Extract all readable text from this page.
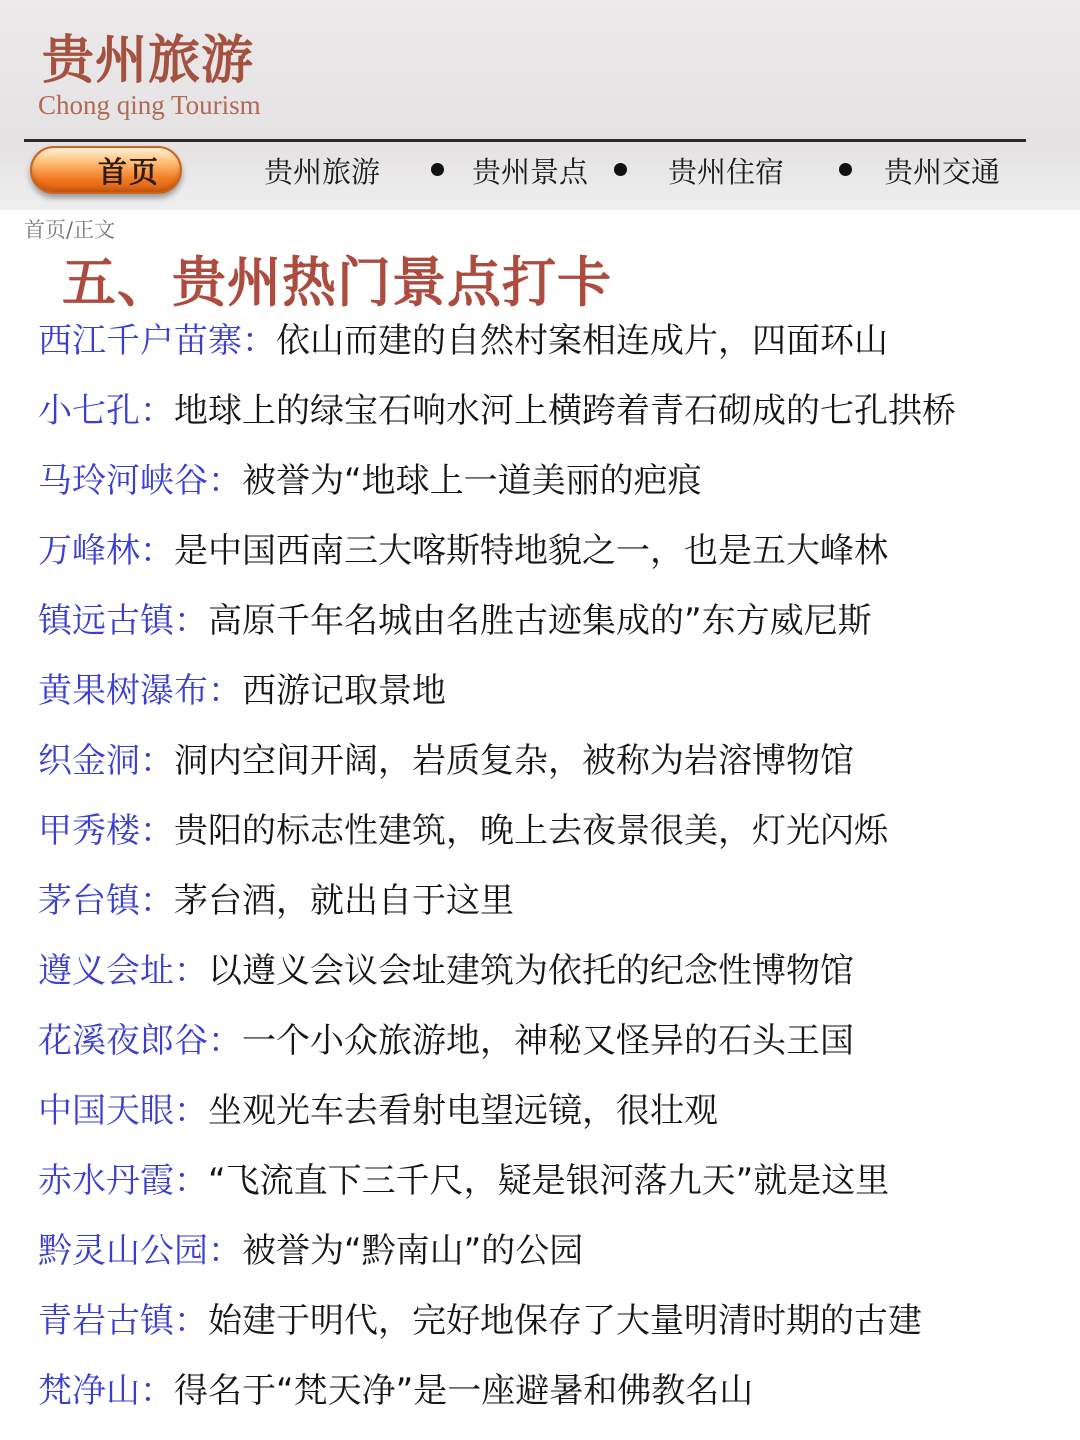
贵州旅游
Chong qing Tourism
首页	贵州旅游	贵州景点	贵州住宿	贵州交通
首页/正文
五、贵州热门景点打卡
西江千户苗寨：依山而建的自然村案相连成片，四面环山
小七孔：地球上的绿宝石响水河上横跨着青石砌成的七孔拱桥
马玲河峡谷：被誉为“地球上一道美丽的疤痕
万峰林：是中国西南三大喀斯特地貌之一，也是五大峰林
镇远古镇：高原千年名城由名胜古迹集成的”东方威尼斯
黄果树瀑布：西游记取景地
织金洞：洞内空间开阔，岩质复杂，被称为岩溶博物馆
甲秀楼：贵阳的标志性建筑，晚上去夜景很美，灯光闪烁
茅台镇：茅台酒，就出自于这里
遵义会址：以遵义会议会址建筑为依托的纪念性博物馆
花溪夜郎谷：一个小众旅游地，神秘又怪异的石头王国
中国天眼：坐观光车去看射电望远镜，很壮观
赤水丹霞：“飞流直下三千尺，疑是银河落九天”就是这里
黔灵山公园：被誉为“黔南山”的公园
青岩古镇：始建于明代，完好地保存了大量明清时期的古建
梵净山：得名于“梵天净”是一座避暑和佛教名山
